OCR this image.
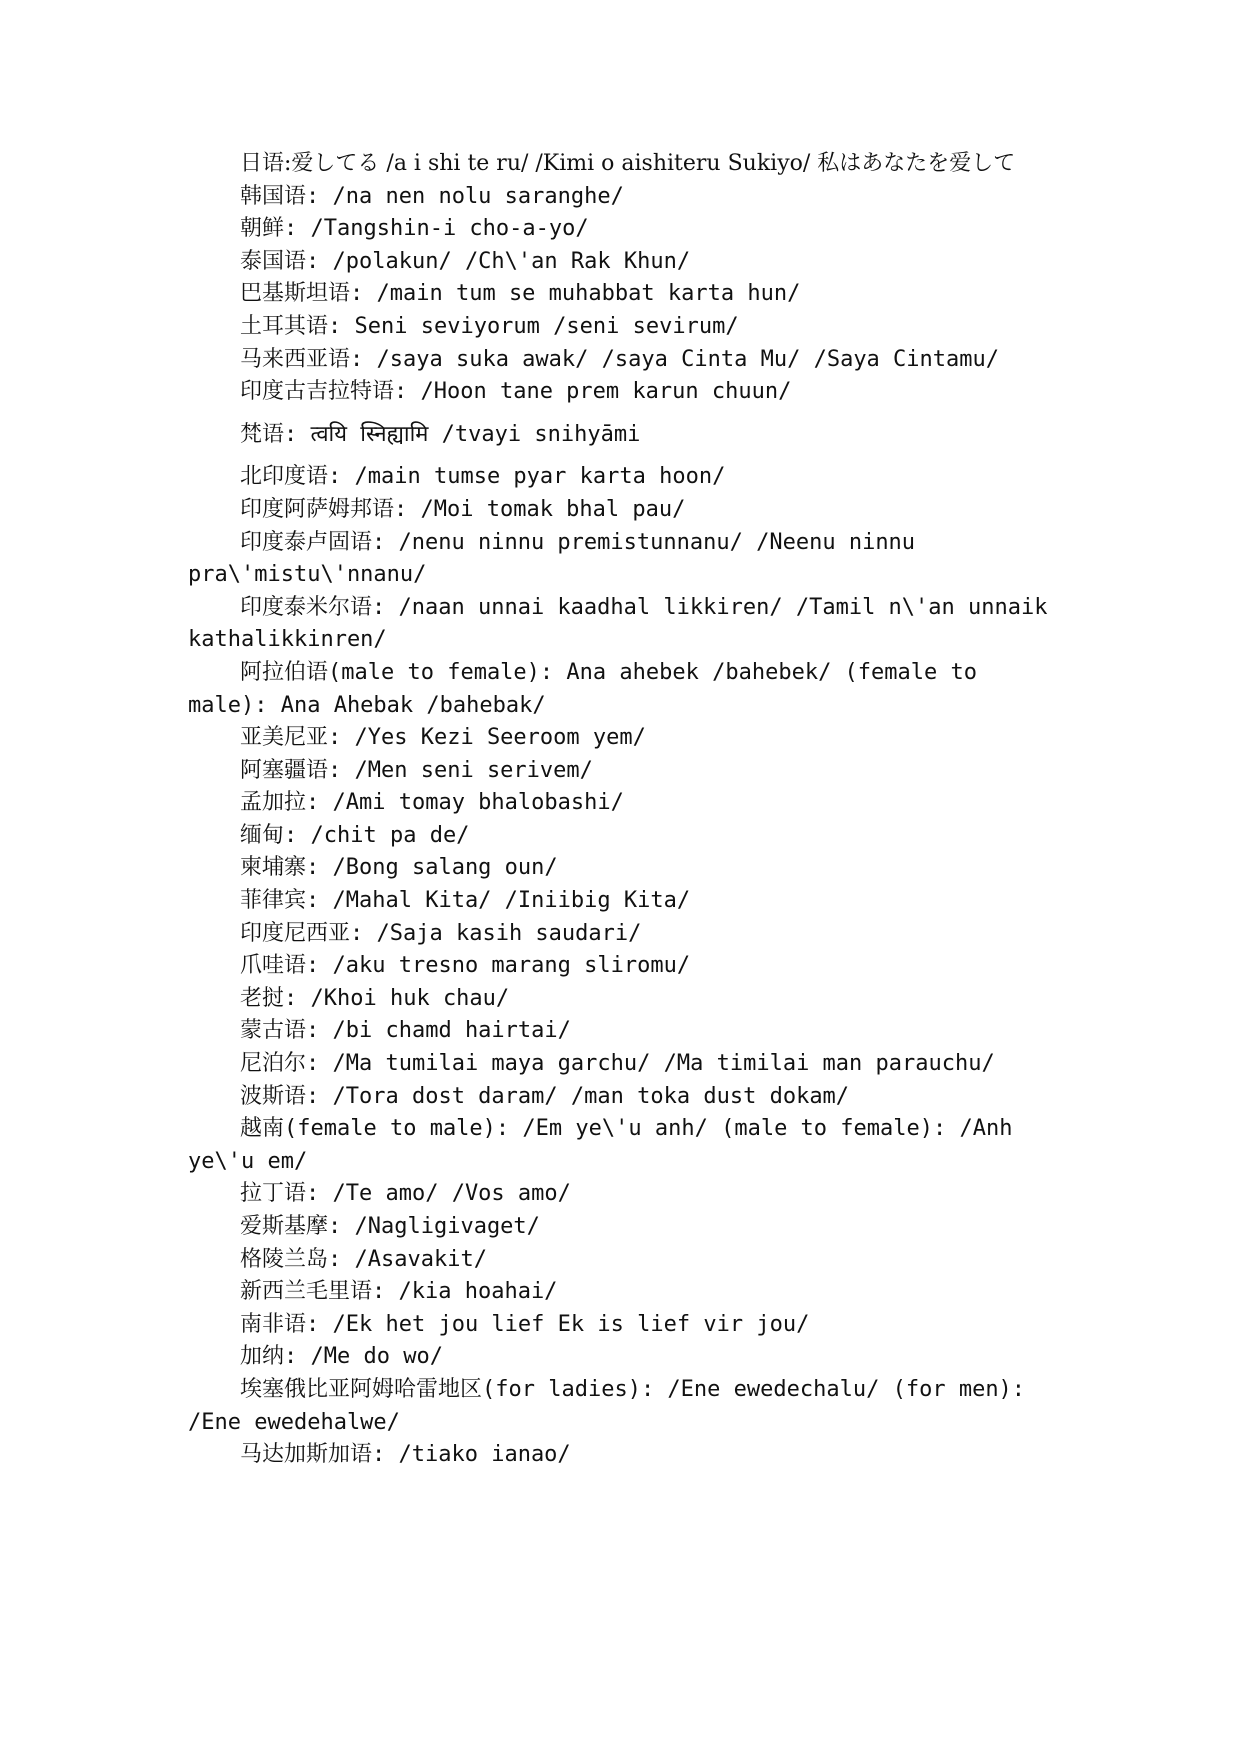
日语:爱してる /a i shi te ru/ /Kimi o aishiteru Sukiyo/ 私はあなたを爱して

韩国语: /na nen nolu saranghe/

朝鲜: /Tangshin-i cho-a-yo/

泰国语: /polakun/ /Ch\'an Rak Khun/

巴基斯坦语: /main tum se muhabbat karta hun/

土耳其语: Seni seviyorum /seni sevirum/

马来西亚语: /saya suka awak/ /saya Cinta Mu/ /Saya Cintamu/

印度古吉拉特语: /Hoon tane prem karun chuun/

梵语: त्वयि स्निह्यामि /tvayi snihyāmi

北印度语: /main tumse pyar karta hoon/

印度阿萨姆邦语: /Moi tomak bhal pau/

印度泰卢固语: /nenu ninnu premistunnanu/ /Neenu ninnu pra\'mistu\'nnanu/

印度泰米尔语: /naan unnai kaadhal likkiren/ /Tamil n\'an unnaik kathalikkinren/

阿拉伯语(male to female): Ana ahebek /bahebek/ (female to male): Ana Ahebak /bahebak/

亚美尼亚: /Yes Kezi Seeroom yem/

阿塞疆语: /Men seni serivem/

孟加拉: /Ami tomay bhalobashi/

缅甸: /chit pa de/

柬埔寨: /Bong salang oun/

菲律宾: /Mahal Kita/ /Iniibig Kita/

印度尼西亚: /Saja kasih saudari/

爪哇语: /aku tresno marang sliromu/

老挝: /Khoi huk chau/

蒙古语: /bi chamd hairtai/

尼泊尔: /Ma tumilai maya garchu/ /Ma timilai man parauchu/

波斯语: /Tora dost daram/ /man toka dust dokam/

越南(female to male): /Em ye\'u anh/ (male to female): /Anh ye\'u em/

拉丁语: /Te amo/ /Vos amo/

爱斯基摩: /Nagligivaget/

格陵兰岛: /Asavakit/

新西兰毛里语: /kia hoahai/

南非语: /Ek het jou lief Ek is lief vir jou/

加纳: /Me do wo/

埃塞俄比亚阿姆哈雷地区(for ladies): /Ene ewedechalu/ (for men): /Ene ewedehalwe/

马达加斯加语: /tiako ianao/
